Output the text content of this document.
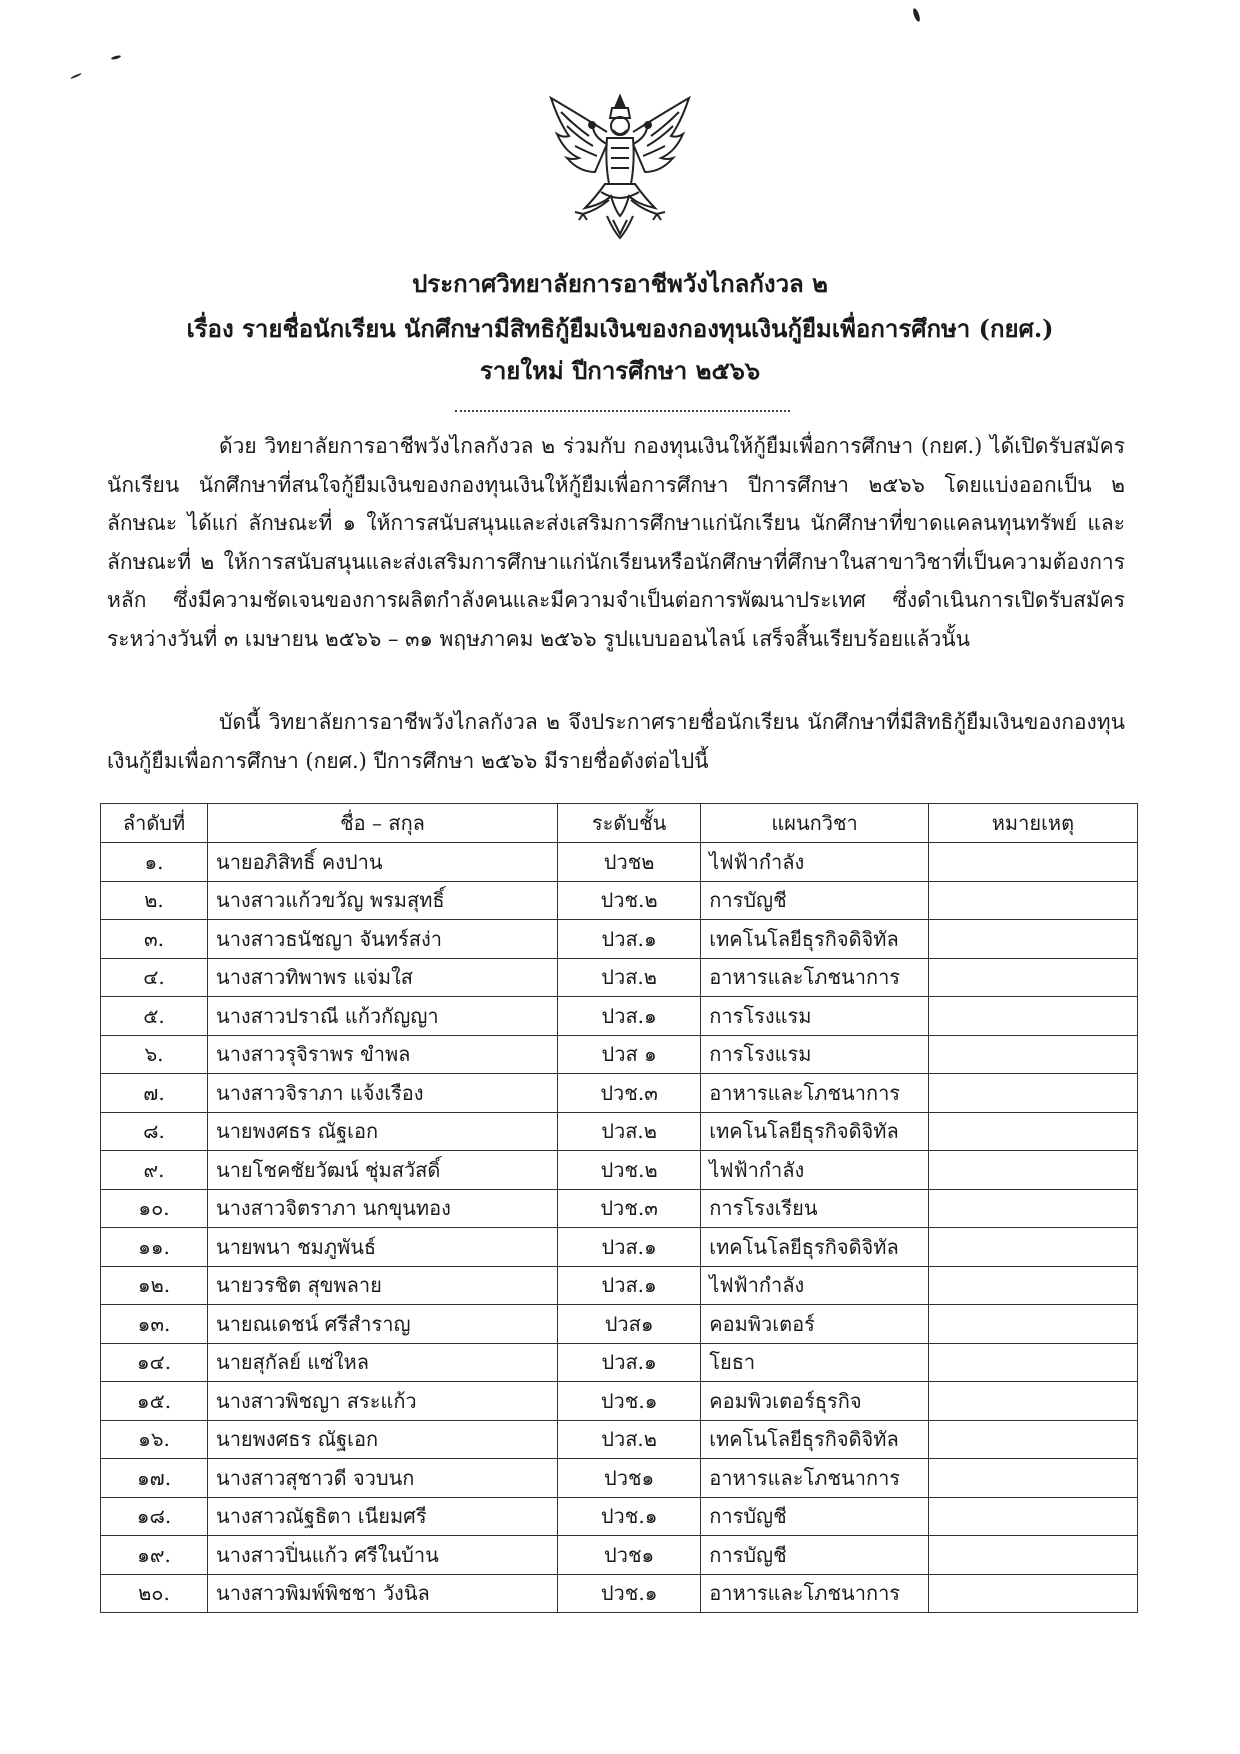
ประกาศวิทยาลัยการอาชีพวังไกลกังวล ๒
เรื่อง รายชื่อนักเรียน นักศึกษามีสิทธิกู้ยืมเงินของกองทุนเงินกู้ยืมเพื่อการศึกษา (กยศ.)
รายใหม่ ปีการศึกษา ๒๕๖๖
ด้วย วิทยาลัยการอาชีพวังไกลกังวล ๒ ร่วมกับ กองทุนเงินให้กู้ยืมเพื่อการศึกษา (กยศ.) ได้เปิดรับสมัครนักเรียน นักศึกษาที่สนใจกู้ยืมเงินของกองทุนเงินให้กู้ยืมเพื่อการศึกษา ปีการศึกษา ๒๕๖๖ โดยแบ่งออกเป็น ๒ ลักษณะ ได้แก่ ลักษณะที่ ๑ ให้การสนับสนุนและส่งเสริมการศึกษาแก่นักเรียน นักศึกษาที่ขาดแคลนทุนทรัพย์ และ ลักษณะที่ ๒ ให้การสนับสนุนและส่งเสริมการศึกษาแก่นักเรียนหรือนักศึกษาที่ศึกษาในสาขาวิชาที่เป็นความต้องการหลัก ซึ่งมีความชัดเจนของการผลิตกำลังคนและมีความจำเป็นต่อการพัฒนาประเทศ ซึ่งดำเนินการเปิดรับสมัครระหว่างวันที่ ๓ เมษายน ๒๕๖๖ – ๓๑ พฤษภาคม ๒๕๖๖ รูปแบบออนไลน์ เสร็จสิ้นเรียบร้อยแล้วนั้น
บัดนี้ วิทยาลัยการอาชีพวังไกลกังวล ๒ จึงประกาศรายชื่อนักเรียน นักศึกษาที่มีสิทธิกู้ยืมเงินของกองทุนเงินกู้ยืมเพื่อการศึกษา (กยศ.) ปีการศึกษา ๒๕๖๖ มีรายชื่อดังต่อไปนี้
ลำดับที่	ชื่อ – สกุล	ระดับชั้น	แผนกวิชา	หมายเหตุ
๑.	นายอภิสิทธิ์ คงปาน	ปวช๒	ไฟฟ้ากำลัง	
๒.	นางสาวแก้วขวัญ พรมสุทธิ์	ปวช.๒	การบัญชี	
๓.	นางสาวธนัชญา จันทร์สง่า	ปวส.๑	เทคโนโลยีธุรกิจดิจิทัล	
๔.	นางสาวทิพาพร แจ่มใส	ปวส.๒	อาหารและโภชนาการ	
๕.	นางสาวปราณี แก้วกัญญา	ปวส.๑	การโรงแรม	
๖.	นางสาวรุจิราพร ขำพล	ปวส ๑	การโรงแรม	
๗.	นางสาวจิราภา แจ้งเรือง	ปวช.๓	อาหารและโภชนาการ	
๘.	นายพงศธร ณัฐเอก	ปวส.๒	เทคโนโลยีธุรกิจดิจิทัล	
๙.	นายโชคชัยวัฒน์ ชุ่มสวัสดิ์	ปวช.๒	ไฟฟ้ากำลัง	
๑๐.	นางสาวจิตราภา นกขุนทอง	ปวช.๓	การโรงเรียน	
๑๑.	นายพนา ชมภูพันธ์	ปวส.๑	เทคโนโลยีธุรกิจดิจิทัล	
๑๒.	นายวรชิต สุขพลาย	ปวส.๑	ไฟฟ้ากำลัง	
๑๓.	นายณเดชน์ ศรีสำราญ	ปวส๑	คอมพิวเตอร์	
๑๔.	นายสุกัลย์ แซ่ใหล	ปวส.๑	โยธา	
๑๕.	นางสาวพิชญา สระแก้ว	ปวช.๑	คอมพิวเตอร์ธุรกิจ	
๑๖.	นายพงศธร ณัฐเอก	ปวส.๒	เทคโนโลยีธุรกิจดิจิทัล	
๑๗.	นางสาวสุชาวดี จวบนก	ปวช๑	อาหารและโภชนาการ	
๑๘.	นางสาวณัฐธิตา เนียมศรี	ปวช.๑	การบัญชี	
๑๙.	นางสาวปิ่นแก้ว ศรีในบ้าน	ปวช๑	การบัญชี	
๒๐.	นางสาวพิมพ์พิชชา วังนิล	ปวช.๑	อาหารและโภชนาการ	
